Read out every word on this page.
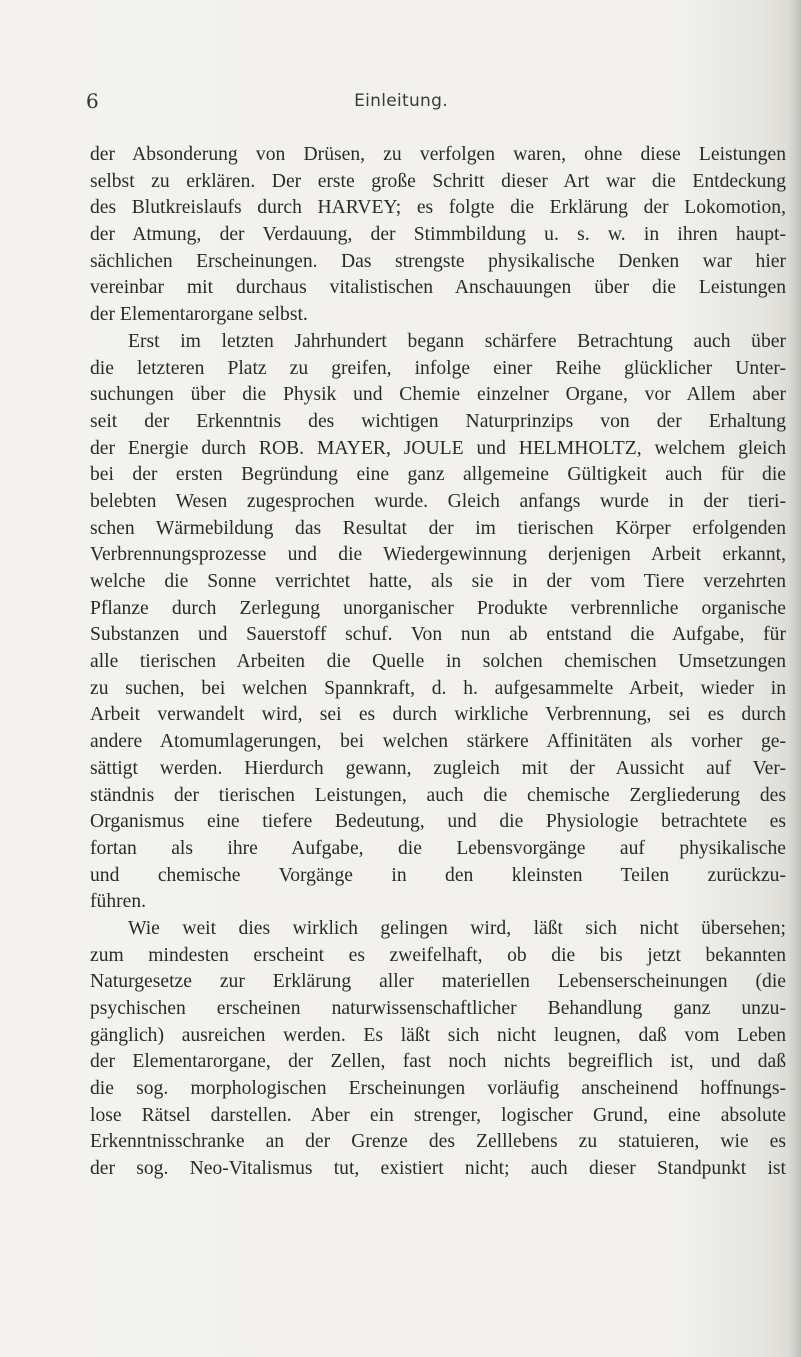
6	Einleitung.
der Absonderung von Drüsen, zu verfolgen waren, ohne diese Leistungen
selbst zu erklären. Der erste große Schritt dieser Art war die Entdeckung
des Blutkreislaufs durch HARVEY; es folgte die Erklärung der Lokomotion,
der Atmung, der Verdauung, der Stimmbildung u. s. w. in ihren haupt-
sächlichen Erscheinungen. Das strengste physikalische Denken war hier
vereinbar mit durchaus vitalistischen Anschauungen über die Leistungen
der Elementarorgane selbst.
Erst im letzten Jahrhundert begann schärfere Betrachtung auch über
die letzteren Platz zu greifen, infolge einer Reihe glücklicher Unter-
suchungen über die Physik und Chemie einzelner Organe, vor Allem aber
seit der Erkenntnis des wichtigen Naturprinzips von der Erhaltung
der Energie durch ROB. MAYER, JOULE und HELMHOLTZ, welchem gleich
bei der ersten Begründung eine ganz allgemeine Gültigkeit auch für die
belebten Wesen zugesprochen wurde. Gleich anfangs wurde in der tieri-
schen Wärmebildung das Resultat der im tierischen Körper erfolgenden
Verbrennungsprozesse und die Wiedergewinnung derjenigen Arbeit erkannt,
welche die Sonne verrichtet hatte, als sie in der vom Tiere verzehrten
Pflanze durch Zerlegung unorganischer Produkte verbrennliche organische
Substanzen und Sauerstoff schuf. Von nun ab entstand die Aufgabe, für
alle tierischen Arbeiten die Quelle in solchen chemischen Umsetzungen
zu suchen, bei welchen Spannkraft, d. h. aufgesammelte Arbeit, wieder in
Arbeit verwandelt wird, sei es durch wirkliche Verbrennung, sei es durch
andere Atomumlagerungen, bei welchen stärkere Affinitäten als vorher ge-
sättigt werden. Hierdurch gewann, zugleich mit der Aussicht auf Ver-
ständnis der tierischen Leistungen, auch die chemische Zergliederung des
Organismus eine tiefere Bedeutung, und die Physiologie betrachtete es
fortan als ihre Aufgabe, die Lebensvorgänge auf physikalische
und chemische Vorgänge in den kleinsten Teilen zurückzu-
führen.
Wie weit dies wirklich gelingen wird, läßt sich nicht übersehen;
zum mindesten erscheint es zweifelhaft, ob die bis jetzt bekannten
Naturgesetze zur Erklärung aller materiellen Lebenserscheinungen (die
psychischen erscheinen naturwissenschaftlicher Behandlung ganz unzu-
gänglich) ausreichen werden. Es läßt sich nicht leugnen, daß vom Leben
der Elementarorgane, der Zellen, fast noch nichts begreiflich ist, und daß
die sog. morphologischen Erscheinungen vorläufig anscheinend hoffnungs-
lose Rätsel darstellen. Aber ein strenger, logischer Grund, eine absolute
Erkenntnisschranke an der Grenze des Zelllebens zu statuieren, wie es
der sog. Neo-Vitalismus tut, existiert nicht; auch dieser Standpunkt ist
